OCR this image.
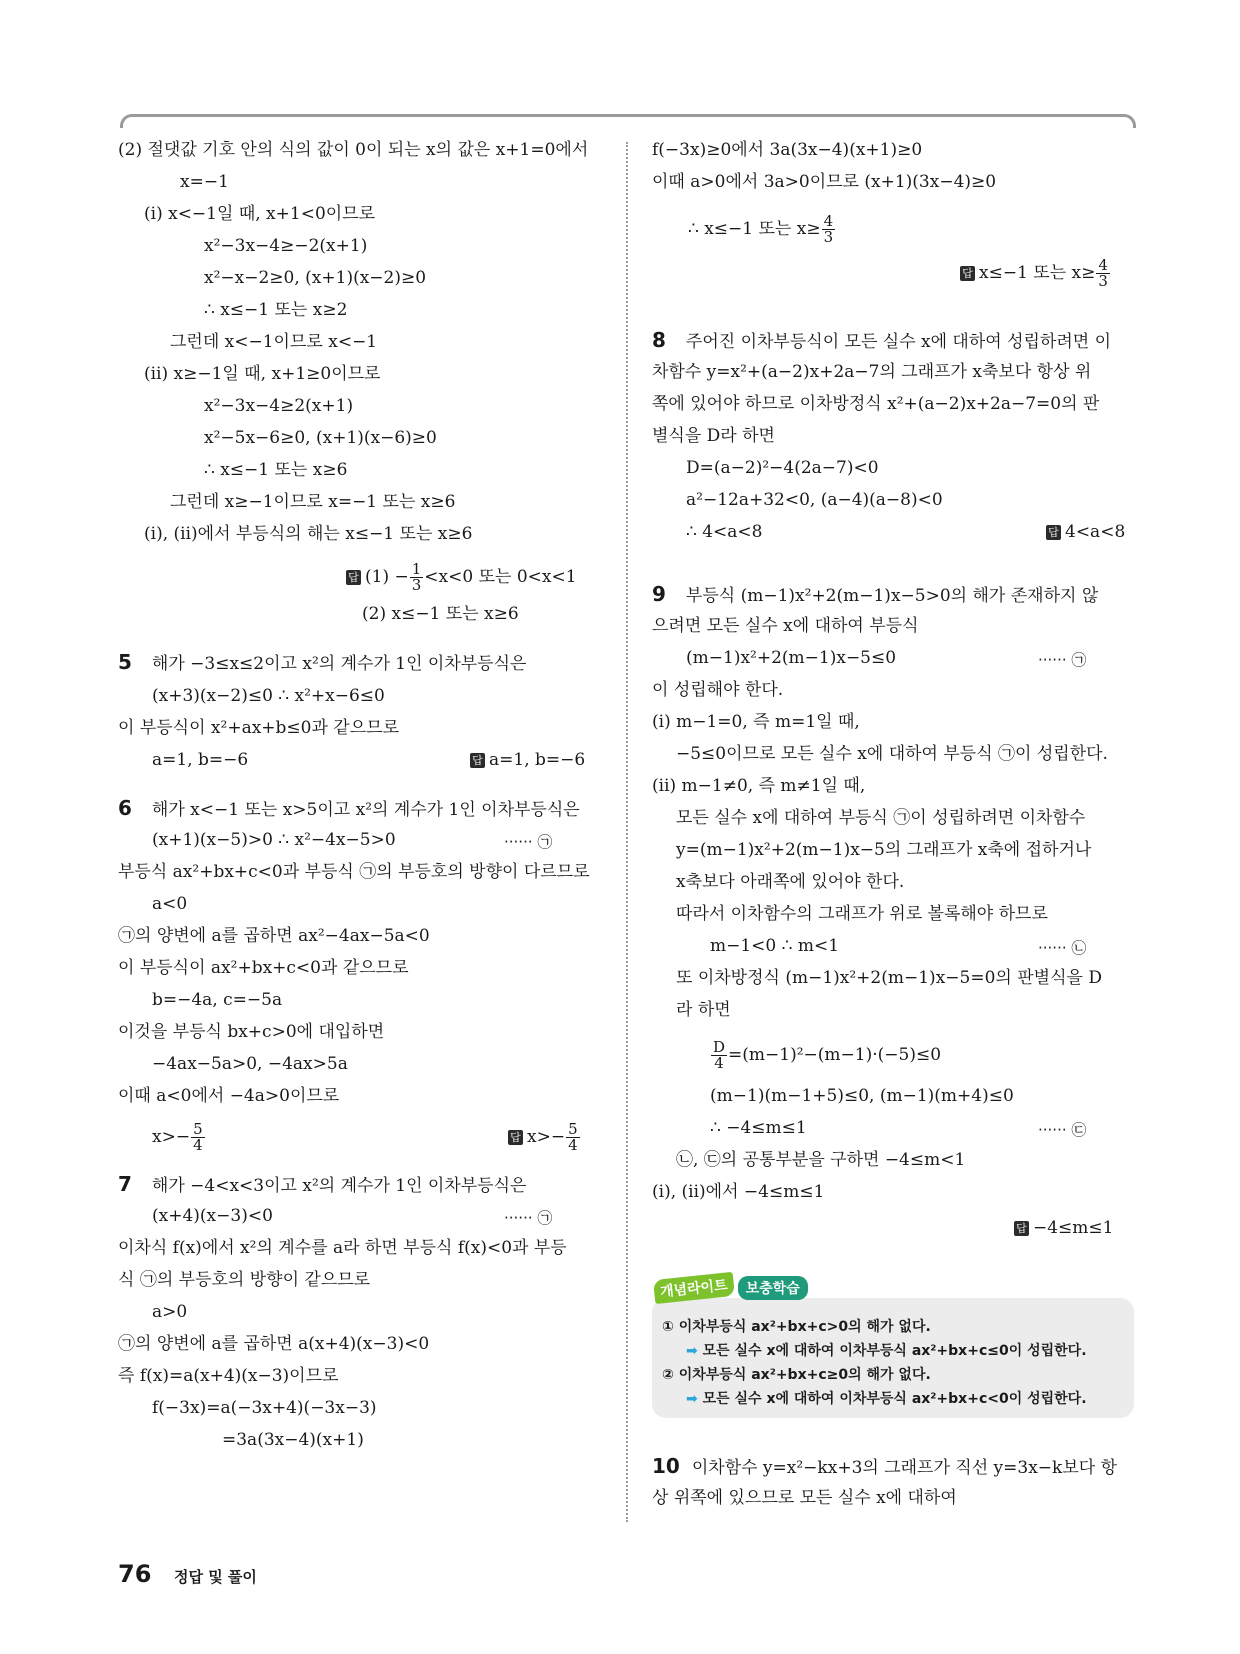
(2) 절댓값 기호 안의 식의 값이 0이 되는 x의 값은 x+1=0에서
x=−1
(ⅰ) x<−1일 때, x+1<0이므로
x²−3x−4≥−2(x+1)
x²−x−2≥0, (x+1)(x−2)≥0
∴ x≤−1 또는 x≥2
그런데 x<−1이므로 x<−1
(ⅱ) x≥−1일 때, x+1≥0이므로
x²−3x−4≥2(x+1)
x²−5x−6≥0, (x+1)(x−6)≥0
∴ x≤−1 또는 x≥6
그런데 x≥−1이므로 x=−1 또는 x≥6
(ⅰ), (ⅱ)에서 부등식의 해는 x≤−1 또는 x≥6
답 $(1) - \frac{1}{3} <x<0$ 또는 0<x<1
(2) x≤−1 또는 x≥6
5 해가 −3≤x≤2이고 x²의 계수가 1인 이차부등식은
(x+3)(x−2)≤0 ∴ x²+x−6≤0
이 부등식이 x²+ax+b≤0과 같으므로
a=1, b=−6	답 a=1, b=−6
6 해가 x<−1 또는 x>5이고 x²의 계수가 1인 이차부등식은
(x+1)(x−5)>0 ∴ x²−4x−5>0	······ ㉠
부등식 ax²+bx+c<0과 부등식 ㉠의 부등호의 방향이 다르므로
a<0
㉠의 양변에 a를 곱하면 ax²−4ax−5a<0
이 부등식이 ax²+bx+c<0과 같으므로
b=−4a, c=−5a
이것을 부등식 bx+c>0에 대입하면
−4ax−5a>0, −4ax>5a
이때 a<0에서 −4a>0이므로
$x>- \frac{5}{4}$	답 $x>- \frac{5}{4}$
7 해가 −4<x<3이고 x²의 계수가 1인 이차부등식은
(x+4)(x−3)<0	······ ㉠
이차식 f(x)에서 x²의 계수를 a라 하면 부등식 f(x)<0과 부등
식 ㉠의 부등호의 방향이 같으므로
a>0
㉠의 양변에 a를 곱하면 a(x+4)(x−3)<0
즉 f(x)=a(x+4)(x−3)이므로
f(−3x)=a(−3x+4)(−3x−3)
=3a(3x−4)(x+1)
f(−3x)≥0에서 3a(3x−4)(x+1)≥0
이때 a>0에서 3a>0이므로 (x+1)(3x−4)≥0
∴ x≤−1 또는 $x\ge \frac{4}{3}$
답 x≤−1 또는 $x\ge \frac{4}{3}$
8 주어진 이차부등식이 모든 실수 x에 대하여 성립하려면 이
차함수 y=x²+(a−2)x+2a−7의 그래프가 x축보다 항상 위
쪽에 있어야 하므로 이차방정식 x²+(a−2)x+2a−7=0의 판
별식을 D라 하면
D=(a−2)²−4(2a−7)<0
a²−12a+32<0, (a−4)(a−8)<0
∴ 4<a<8	답 4<a<8
9 부등식 (m−1)x²+2(m−1)x−5>0의 해가 존재하지 않
으려면 모든 실수 x에 대하여 부등식
(m−1)x²+2(m−1)x−5≤0	······ ㉠
이 성립해야 한다.
(ⅰ) m−1=0, 즉 m=1일 때,
−5≤0이므로 모든 실수 x에 대하여 부등식 ㉠이 성립한다.
(ⅱ) m−1≠0, 즉 m≠1일 때,
모든 실수 x에 대하여 부등식 ㉠이 성립하려면 이차함수
y=(m−1)x²+2(m−1)x−5의 그래프가 x축에 접하거나
x축보다 아래쪽에 있어야 한다.
따라서 이차함수의 그래프가 위로 볼록해야 하므로
m−1<0 ∴ m<1	······ ㉡
또 이차방정식 (m−1)x²+2(m−1)x−5=0의 판별식을 D
라 하면
$\frac{D}{4} =(m-1)^2-(m-1)\cdot(-5)\le 0$
(m−1)(m−1+5)≤0, (m−1)(m+4)≤0
∴ −4≤m≤1	······ ㉢
㉡, ㉢의 공통부분을 구하면 −4≤m<1
(ⅰ), (ⅱ)에서 −4≤m≤1
답 −4≤m≤1
① 이차부등식 ax²+bx+c>0의 해가 없다.
➡ 모든 실수 x에 대하여 이차부등식 ax²+bx+c≤0이 성립한다.
② 이차부등식 ax²+bx+c≥0의 해가 없다.
➡ 모든 실수 x에 대하여 이차부등식 ax²+bx+c<0이 성립한다.
개념라이트 보충학습
10 이차함수 y=x²−kx+3의 그래프가 직선 y=3x−k보다 항
상 위쪽에 있으므로 모든 실수 x에 대하여
76 정답 및 풀이
